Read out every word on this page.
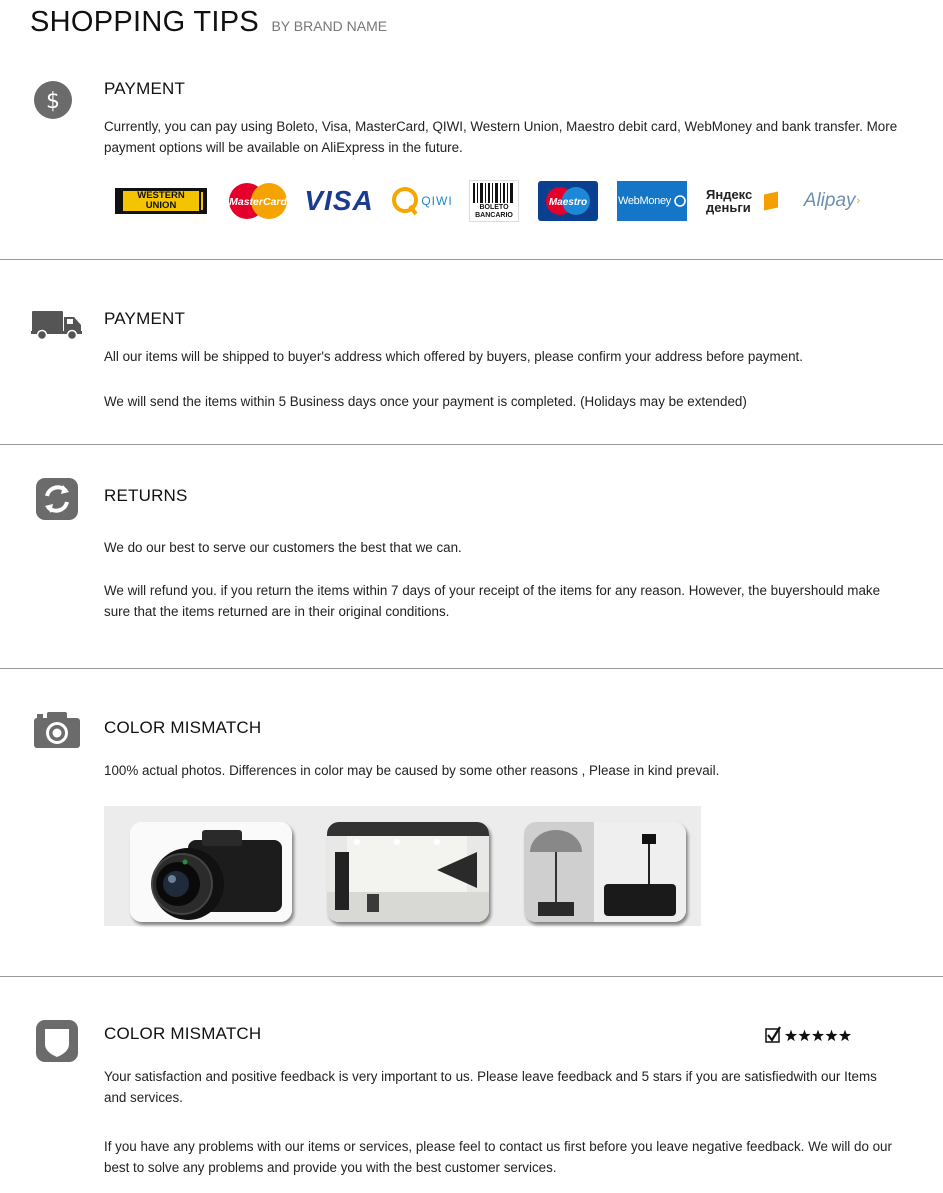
SHOPPING TIPS BY BRAND NAME
$
PAYMENT

Currently, you can pay using Boleto, Visa, MasterCard, QIWI, Western Union, Maestro debit card, WebMoney and bank transfer. More payment options will be available on AliExpress in the future.

WESTERN UNION	MasterCard VISA	QIWI	BOLETO BANCARIO
Maestro	WebMoney	Яндекс деньги	Alipay ›
PAYMENT

All our items will be shipped to buyer's address which offered by buyers, please confirm your address before payment.

We will send the items within 5 Business days once your payment is completed. (Holidays may be extended)

RETURNS

We do our best to serve our customers the best that we can.

We will refund you. if you return the items within 7 days of your receipt of the items for any reason. However, the buyershould make sure that the items returned are in their original conditions.

COLOR MISMATCH

100% actual photos. Differences in color may be caused by some other reasons , Please in kind prevail.

COLOR MISMATCH

Your satisfaction and positive feedback is very important to us. Please leave feedback and 5 stars if you are satisfiedwith our Items and services.

If you have any problems with our items or services, please feel to contact us first before you leave negative feedback. We will do our best to solve any problems and provide you with the best customer services.
